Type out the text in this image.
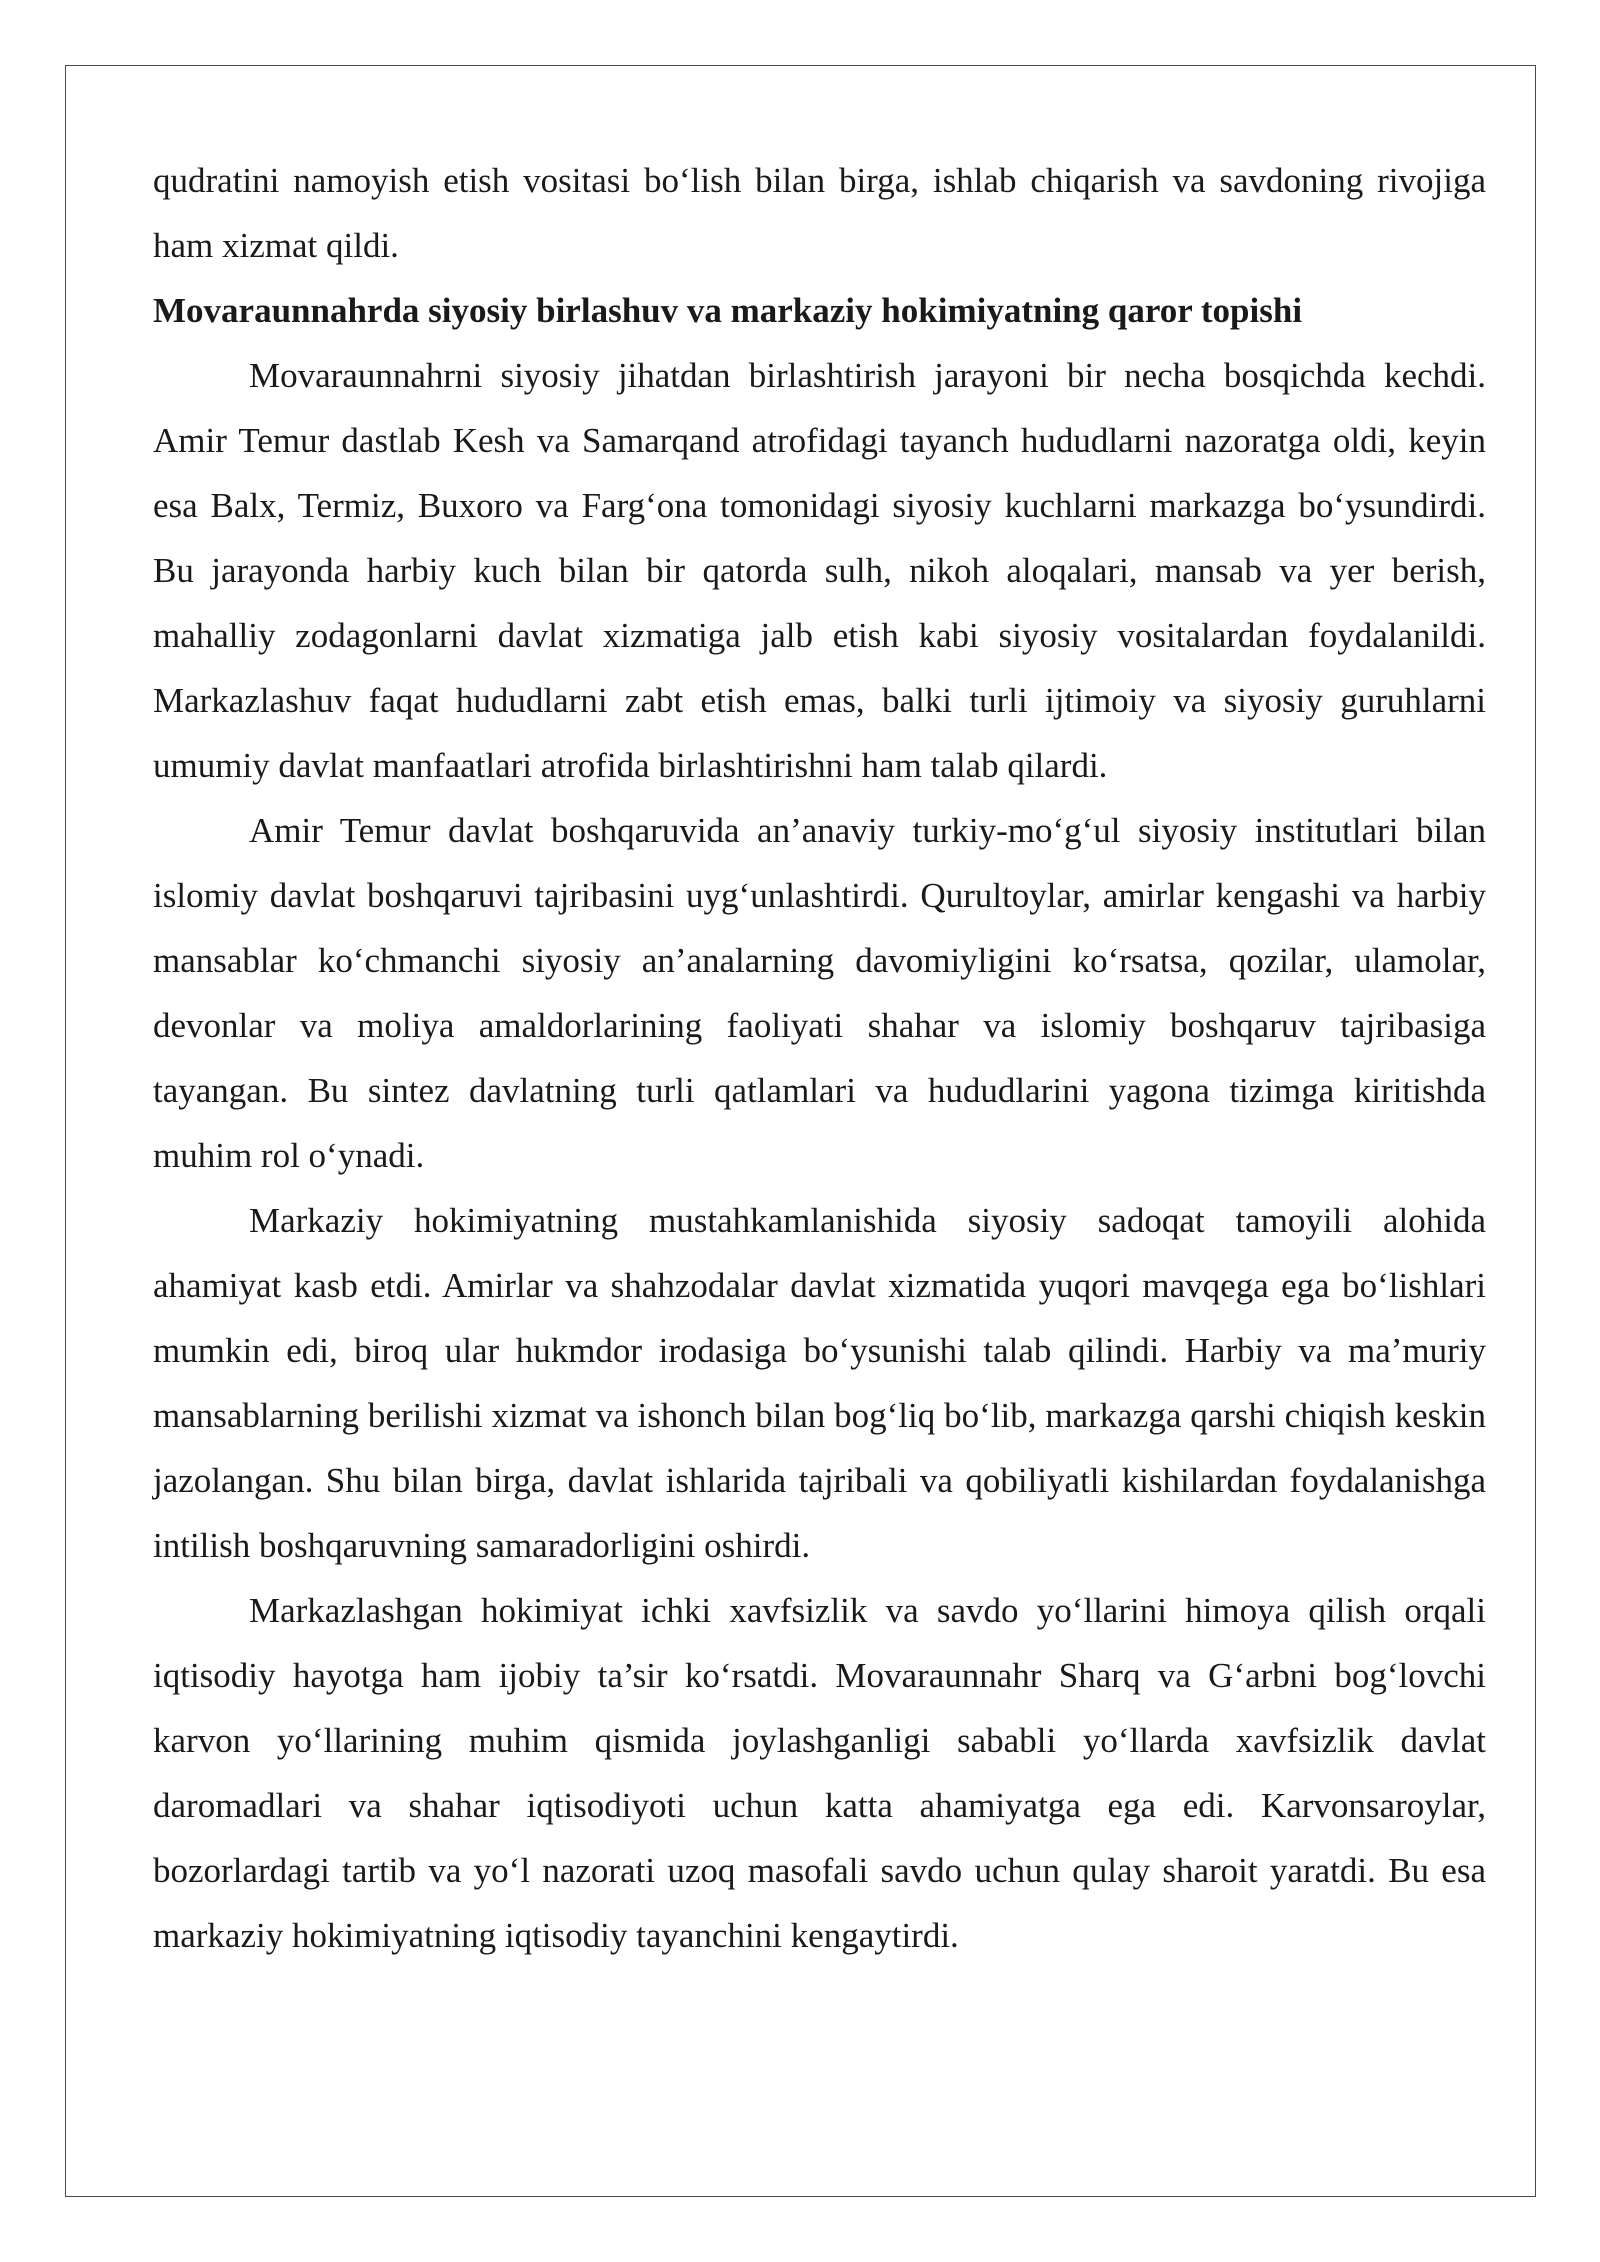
qudratini namoyish etish vositasi bo‘lish bilan birga, ishlab chiqarish va savdoning rivojiga ham xizmat qildi.

Movaraunnahrda siyosiy birlashuv va markaziy hokimiyatning qaror topishi

Movaraunnahrni siyosiy jihatdan birlashtirish jarayoni bir necha bosqichda kechdi. Amir Temur dastlab Kesh va Samarqand atrofidagi tayanch hududlarni nazoratga oldi, keyin esa Balx, Termiz, Buxoro va Farg‘ona tomonidagi siyosiy kuchlarni markazga bo‘ysundirdi. Bu jarayonda harbiy kuch bilan bir qatorda sulh, nikoh aloqalari, mansab va yer berish, mahalliy zodagonlarni davlat xizmatiga jalb etish kabi siyosiy vositalardan foydalanildi. Markazlashuv faqat hududlarni zabt etish emas, balki turli ijtimoiy va siyosiy guruhlarni umumiy davlat manfaatlari atrofida birlashtirishni ham talab qilardi.

Amir Temur davlat boshqaruvida an’anaviy turkiy-mo‘g‘ul siyosiy institutlari bilan islomiy davlat boshqaruvi tajribasini uyg‘unlashtirdi. Qurultoylar, amirlar kengashi va harbiy mansablar ko‘chmanchi siyosiy an’analarning davomiyligini ko‘rsatsa, qozilar, ulamolar, devonlar va moliya amaldorlarining faoliyati shahar va islomiy boshqaruv tajribasiga tayangan. Bu sintez davlatning turli qatlamlari va hududlarini yagona tizimga kiritishda muhim rol o‘ynadi.

Markaziy hokimiyatning mustahkamlanishida siyosiy sadoqat tamoyili alohida ahamiyat kasb etdi. Amirlar va shahzodalar davlat xizmatida yuqori mavqega ega bo‘lishlari mumkin edi, biroq ular hukmdor irodasiga bo‘ysunishi talab qilindi. Harbiy va ma’muriy mansablarning berilishi xizmat va ishonch bilan bog‘liq bo‘lib, markazga qarshi chiqish keskin jazolangan. Shu bilan birga, davlat ishlarida tajribali va qobiliyatli kishilardan foydalanishga intilish boshqaruvning samaradorligini oshirdi.

Markazlashgan hokimiyat ichki xavfsizlik va savdo yo‘llarini himoya qilish orqali iqtisodiy hayotga ham ijobiy ta’sir ko‘rsatdi. Movaraunnahr Sharq va G‘arbni bog‘lovchi karvon yo‘llarining muhim qismida joylashganligi sababli yo‘llarda xavfsizlik davlat daromadlari va shahar iqtisodiyoti uchun katta ahamiyatga ega edi. Karvonsaroylar, bozorlardagi tartib va yo‘l nazorati uzoq masofali savdo uchun qulay sharoit yaratdi. Bu esa markaziy hokimiyatning iqtisodiy tayanchini kengaytirdi.
